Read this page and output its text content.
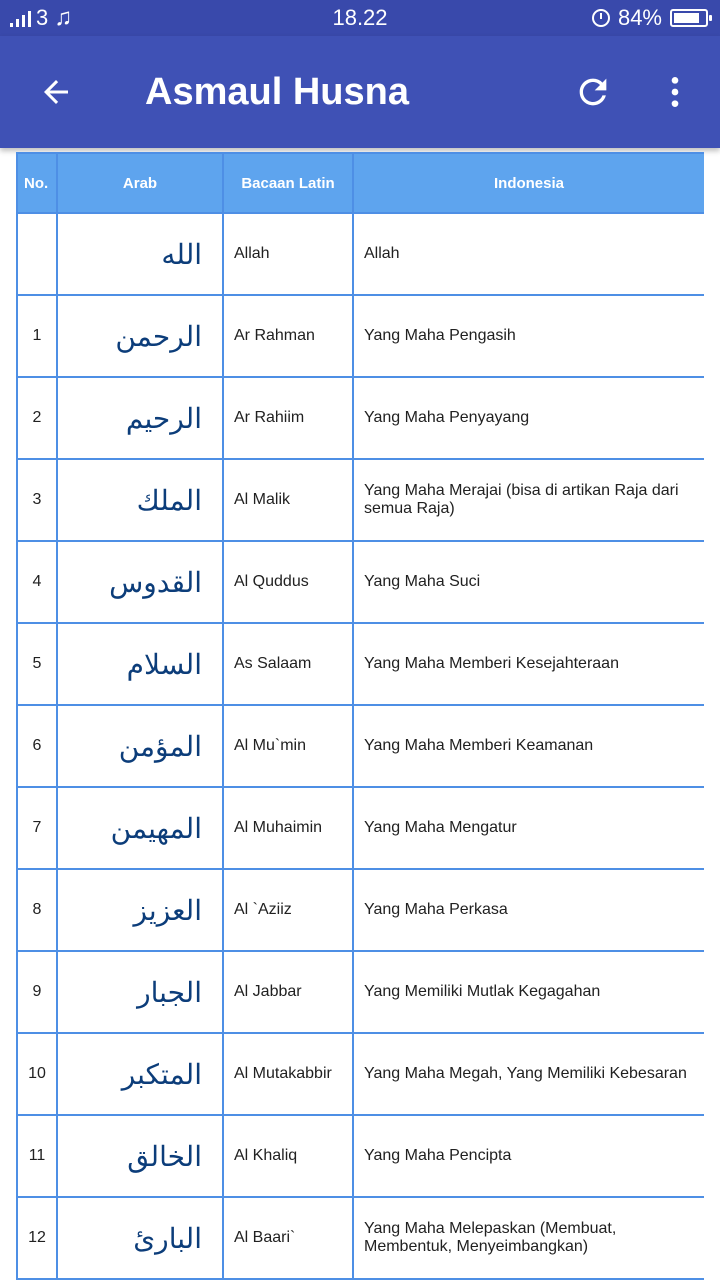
3 ♫	18.22	84%
Asmaul Husna
No.	Arab	Bacaan Latin	Indonesia
	الله	Allah	Allah
1	الرحمن	Ar Rahman	Yang Maha Pengasih
2	الرحيم	Ar Rahiim	Yang Maha Penyayang
3	الملك	Al Malik	Yang Maha Merajai (bisa di artikan Raja dari semua Raja)
4	القدوس	Al Quddus	Yang Maha Suci
5	السلام	As Salaam	Yang Maha Memberi Kesejahteraan
6	المؤمن	Al Mu`min	Yang Maha Memberi Keamanan
7	المهيمن	Al Muhaimin	Yang Maha Mengatur
8	العزيز	Al `Aziiz	Yang Maha Perkasa
9	الجبار	Al Jabbar	Yang Memiliki Mutlak Kegagahan
10	المتكبر	Al Mutakabbir	Yang Maha Megah, Yang Memiliki Kebesaran
11	الخالق	Al Khaliq	Yang Maha Pencipta
12	البارئ	Al Baari`	Yang Maha Melepaskan (Membuat, Membentuk, Menyeimbangkan)
